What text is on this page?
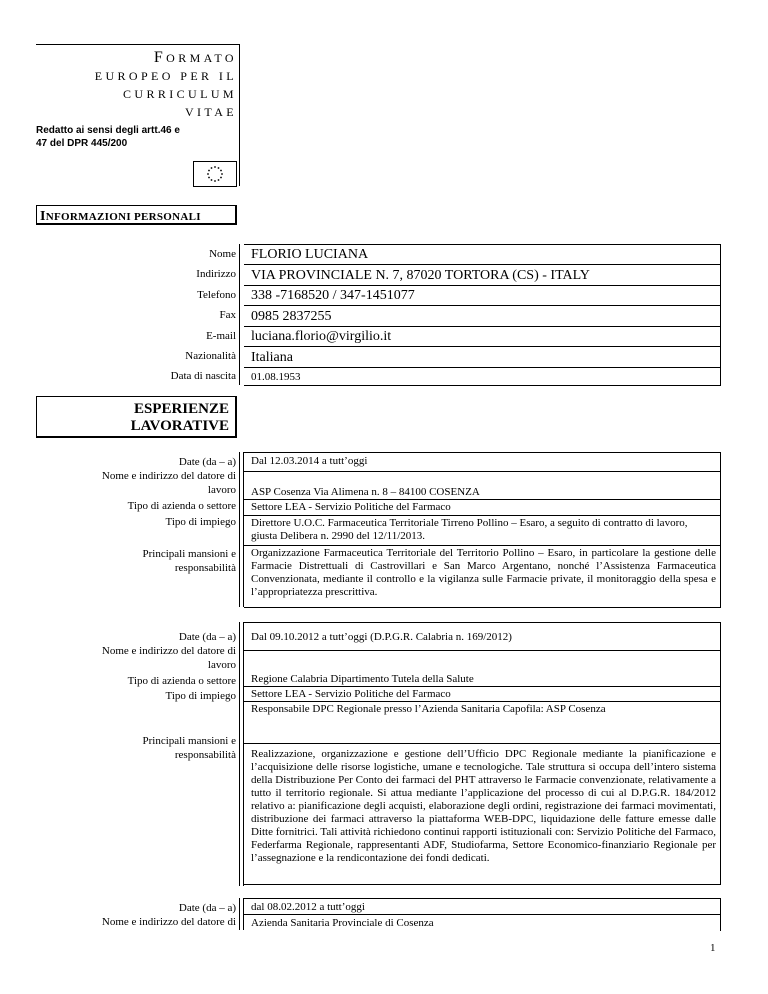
FORMATO
EUROPEO PER IL
CURRICULUM
VITAE
Redatto ai sensi degli artt.46 e 47 del DPR 445/200
INFORMAZIONI PERSONALI
Nome
Indirizzo
Telefono
Fax
E-mail
Nazionalità
Data di nascita
FLORIO LUCIANA
VIA PROVINCIALE N. 7, 87020 TORTORA (CS) - ITALY
338 -7168520 / 347-1451077
0985 2837255
luciana.florio@virgilio.it
Italiana
01.08.1953
ESPERIENZE
LAVORATIVE
Date (da – a)
Nome e indirizzo del datore di
lavoro
Tipo di azienda o settore
Tipo di impiego
Principali mansioni e
responsabilità
Dal 12.03.2014 a tutt’oggi
ASP Cosenza Via Alimena n. 8 – 84100 COSENZA
Settore LEA - Servizio Politiche del Farmaco
Direttore U.O.C. Farmaceutica Territoriale Tirreno Pollino – Esaro, a seguito di contratto di lavoro, giusta Delibera n. 2990 del 12/11/2013.
Organizzazione Farmaceutica Territoriale del Territorio Pollino – Esaro, in particolare la gestione delle Farmacie Distrettuali di Castrovillari e San Marco Argentano, nonché l’Assistenza Farmaceutica Convenzionata, mediante il controllo e la vigilanza sulle Farmacie private, il monitoraggio della spesa e l’appropriatezza prescrittiva.
Date (da – a)
Nome e indirizzo del datore di
lavoro
Tipo di azienda o settore
Tipo di impiego
Principali mansioni e
responsabilità
Dal 09.10.2012 a tutt’oggi (D.P.G.R. Calabria n. 169/2012)
Regione Calabria Dipartimento Tutela della Salute
Settore LEA - Servizio Politiche del Farmaco
Responsabile DPC Regionale presso l’Azienda Sanitaria Capofila: ASP Cosenza
Realizzazione, organizzazione e gestione dell’Ufficio DPC Regionale mediante la pianificazione e l’acquisizione delle risorse logistiche, umane e tecnologiche. Tale struttura si occupa dell’intero sistema della Distribuzione Per Conto dei farmaci del PHT attraverso le Farmacie convenzionate, relativamente a tutto il territorio regionale. Si attua mediante l’applicazione del processo di cui al D.P.G.R. 184/2012 relativo a: pianificazione degli acquisti, elaborazione degli ordini, registrazione dei farmaci movimentati, distribuzione dei farmaci attraverso la piattaforma WEB-DPC, liquidazione delle fatture emesse dalle Ditte fornitrici. Tali attività richiedono continui rapporti istituzionali con: Servizio Politiche del Farmaco, Federfarma Regionale, rappresentanti ADF, Studiofarma, Settore Economico-finanziario Regionale per l’assegnazione e la rendicontazione dei fondi dedicati.
Date (da – a)
Nome e indirizzo del datore di
dal 08.02.2012 a tutt’oggi
Azienda Sanitaria Provinciale di Cosenza
1
